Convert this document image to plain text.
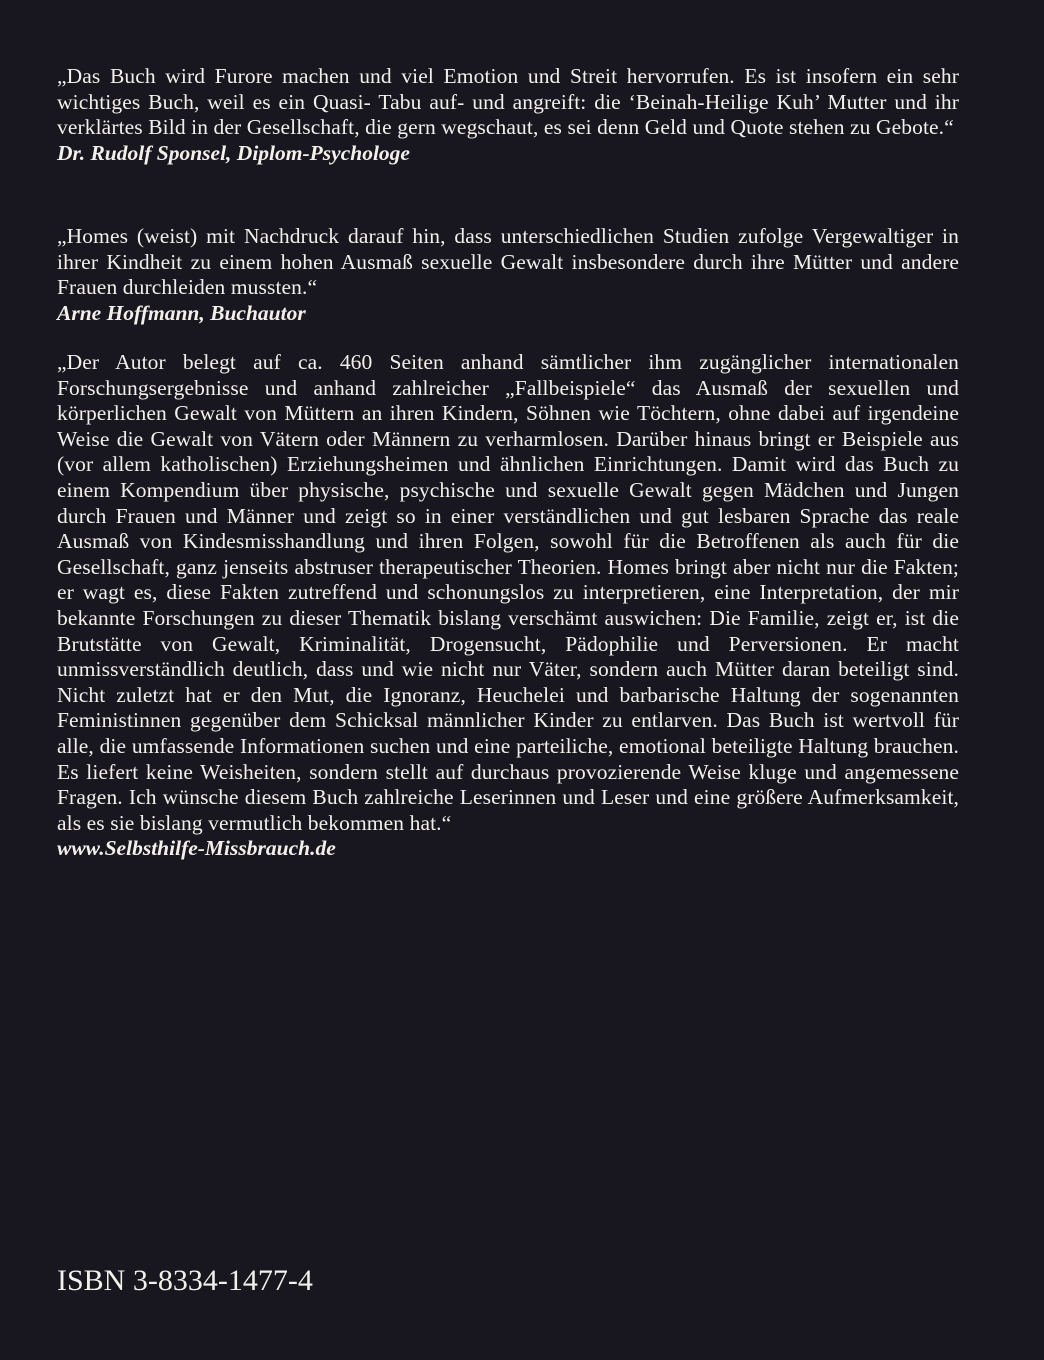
„Das Buch wird Furore machen und viel Emotion und Streit hervorrufen. Es ist insofern ein sehr wichtiges Buch, weil es ein Quasi- Tabu auf- und angreift: die ‘Beinah-Heilige Kuh’ Mutter und ihr verklärtes Bild in der Gesellschaft, die gern wegschaut, es sei denn Geld und Quote stehen zu Gebote.“

Dr. Rudolf Sponsel, Diplom-Psychologe

„Homes (weist) mit Nachdruck darauf hin, dass unterschiedlichen Studien zufolge Vergewaltiger in ihrer Kindheit zu einem hohen Ausmaß sexuelle Gewalt insbesondere durch ihre Mütter und andere Frauen durchleiden mussten.“

Arne Hoffmann, Buchautor

„Der Autor belegt auf ca. 460 Seiten anhand sämtlicher ihm zugänglicher internationalen Forschungsergebnisse und anhand zahlreicher „Fallbeispiele“ das Ausmaß der sexuellen und körperlichen Gewalt von Müttern an ihren Kindern, Söhnen wie Töchtern, ohne dabei auf irgendeine Weise die Gewalt von Vätern oder Männern zu verharmlosen. Darüber hinaus bringt er Beispiele aus (vor allem katholischen) Erziehungsheimen und ähnlichen Einrichtungen. Damit wird das Buch zu einem Kompendium über physische, psychische und sexuelle Gewalt gegen Mädchen und Jungen durch Frauen und Männer und zeigt so in einer verständlichen und gut lesbaren Sprache das reale Ausmaß von Kindesmisshandlung und ihren Folgen, sowohl für die Betroffenen als auch für die Gesellschaft, ganz jenseits abstruser therapeutischer Theorien. Homes bringt aber nicht nur die Fakten; er wagt es, diese Fakten zutreffend und schonungslos zu interpretieren, eine Interpretation, der mir bekannte Forschungen zu dieser Thematik bislang verschämt auswichen: Die Familie, zeigt er, ist die Brutstätte von Gewalt, Kriminalität, Drogensucht, Pädophilie und Perversionen. Er macht unmissverständlich deutlich, dass und wie nicht nur Väter, sondern auch Mütter daran beteiligt sind. Nicht zuletzt hat er den Mut, die Ignoranz, Heuchelei und barbarische Haltung der sogenannten Feministinnen gegenüber dem Schicksal männlicher Kinder zu entlarven. Das Buch ist wertvoll für alle, die umfassende Informationen suchen und eine parteiliche, emotional beteiligte Haltung brauchen. Es liefert keine Weisheiten, sondern stellt auf durchaus provozierende Weise kluge und angemessene Fragen. Ich wünsche diesem Buch zahlreiche Leserinnen und Leser und eine größere Aufmerksamkeit, als es sie bislang vermutlich bekommen hat.“

www.Selbsthilfe-Missbrauch.de

ISBN 3-8334-1477-4
